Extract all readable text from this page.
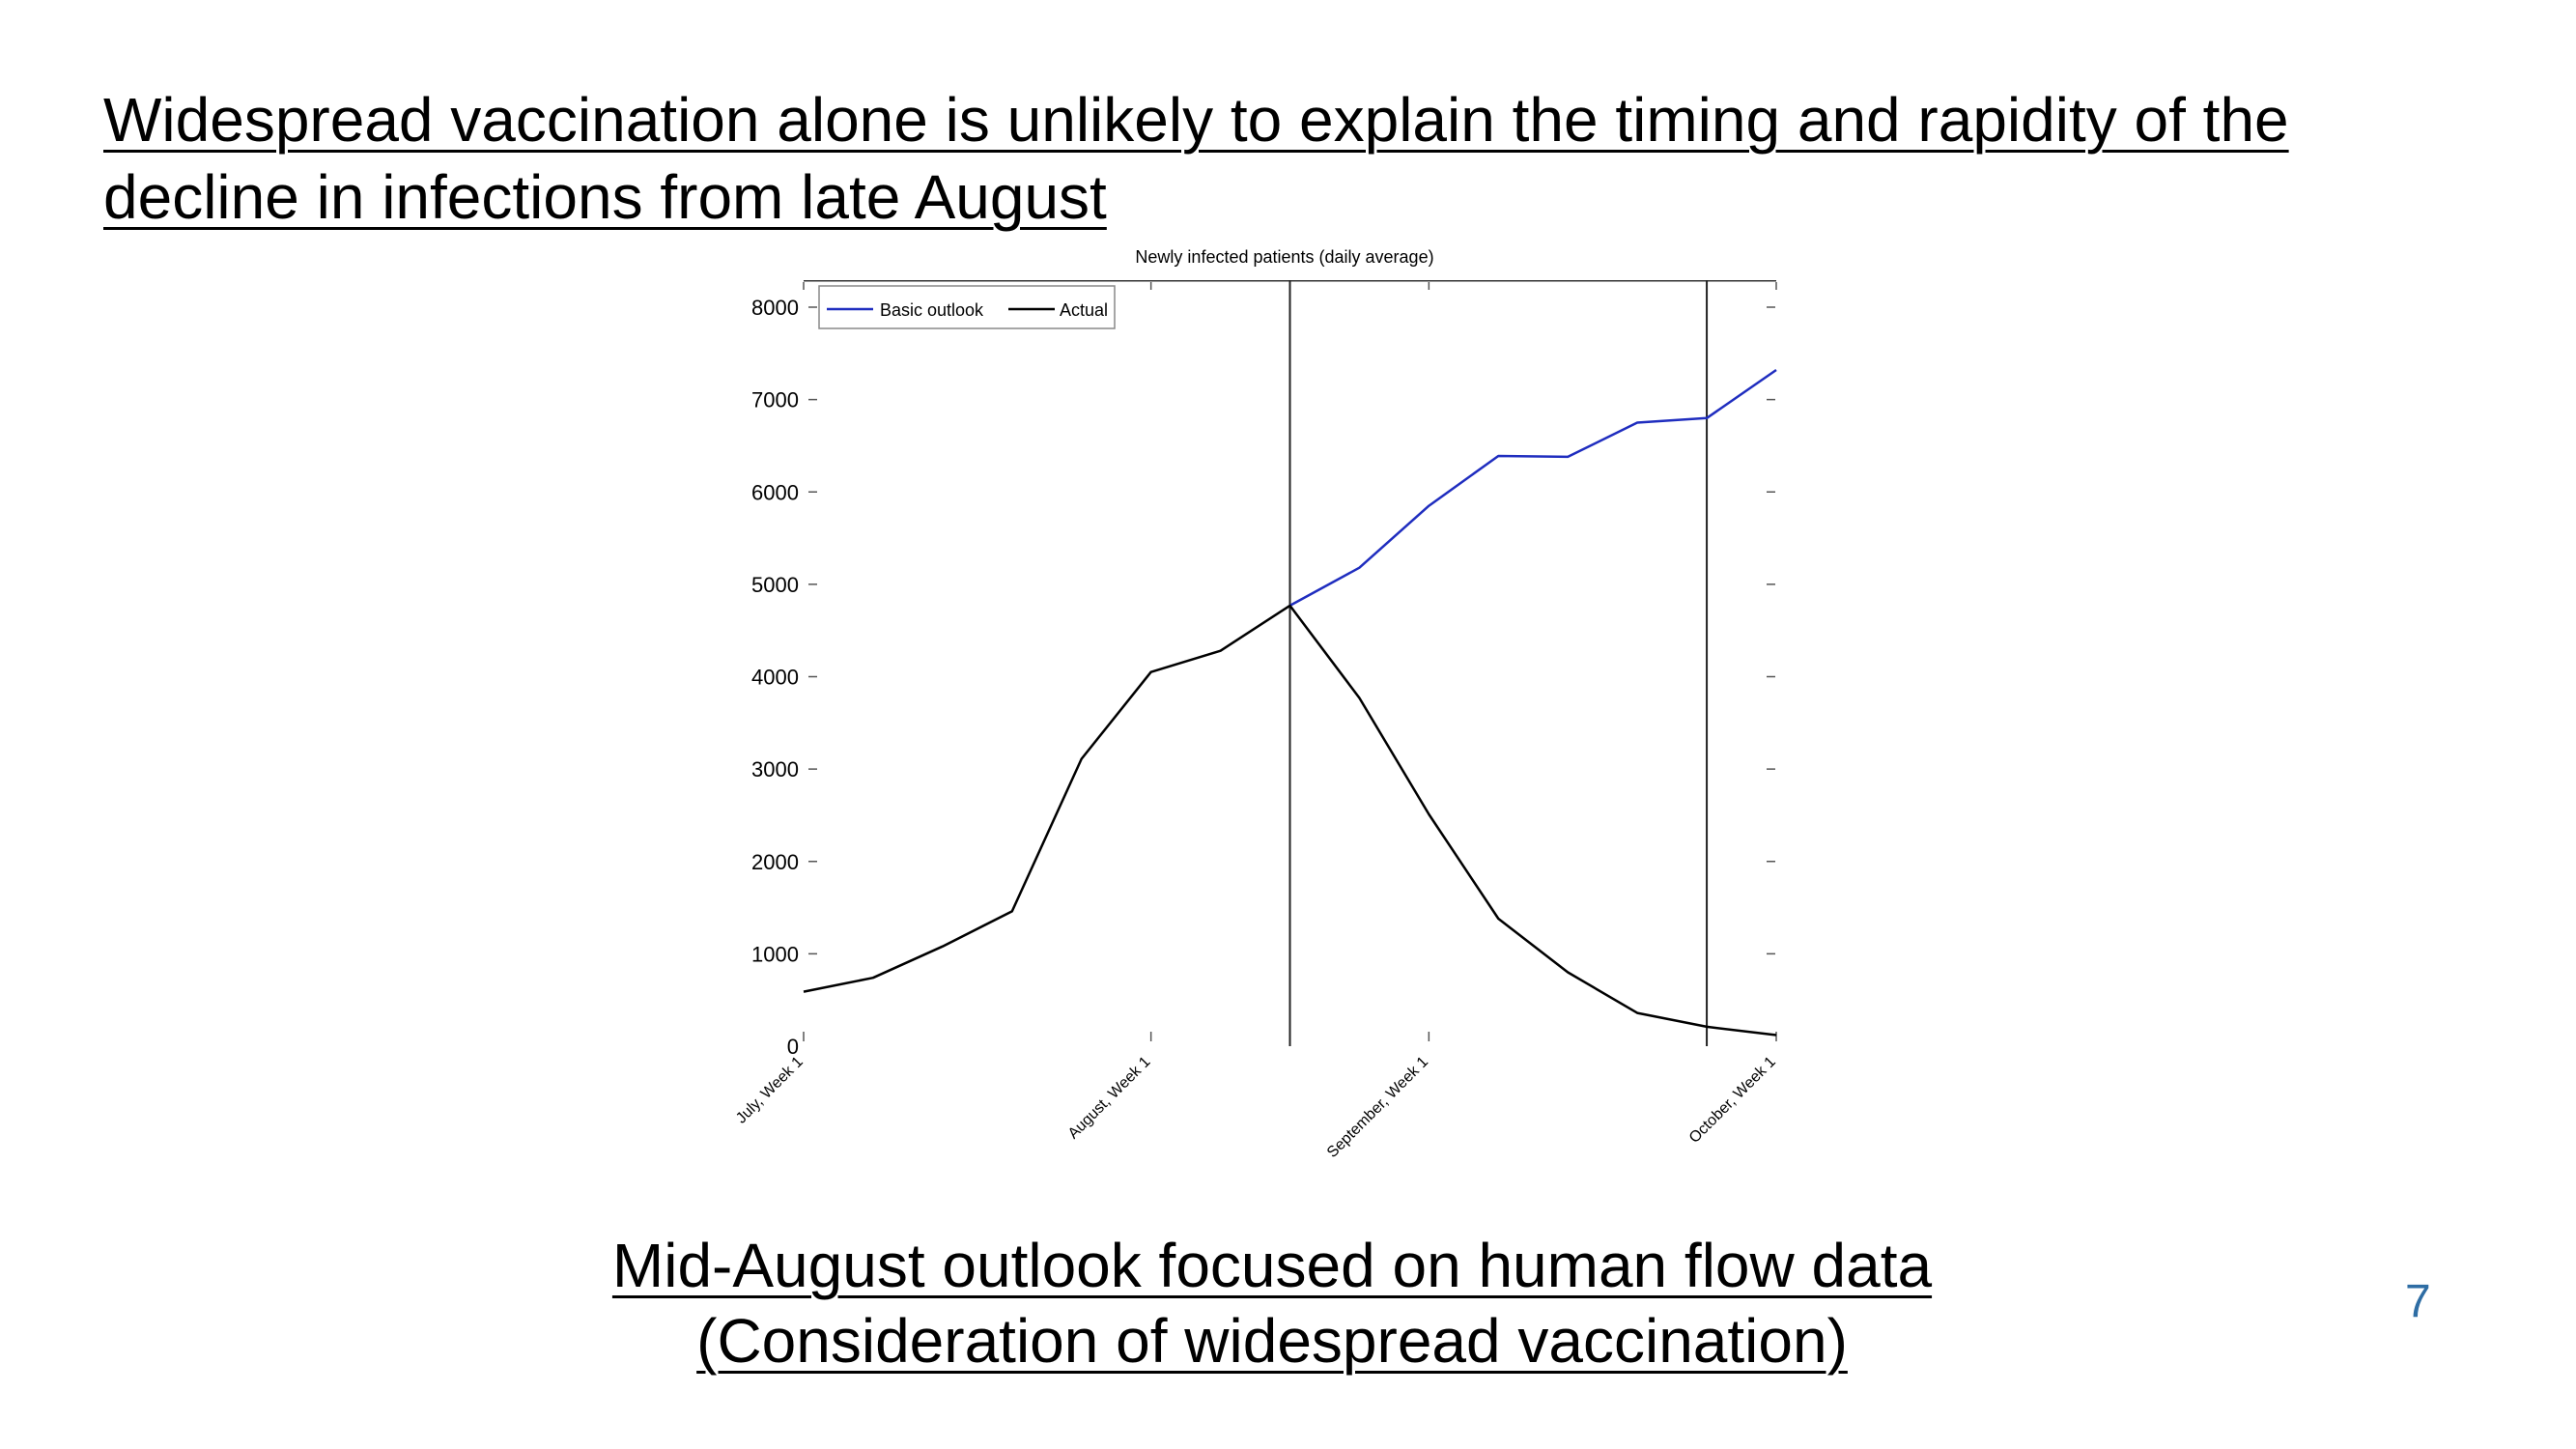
Widespread vaccination alone is unlikely to explain the timing and rapidity of the decline in infections from late August
Newly infected patients (daily average)
0
1000
2000
3000
4000
5000
6000
7000
8000
July, Week 1	August, Week 1	September, Week 1	October, Week 1
Basic outlook	Actual

Mid-August outlook focused on human flow data

(Consideration of widespread vaccination)

7
